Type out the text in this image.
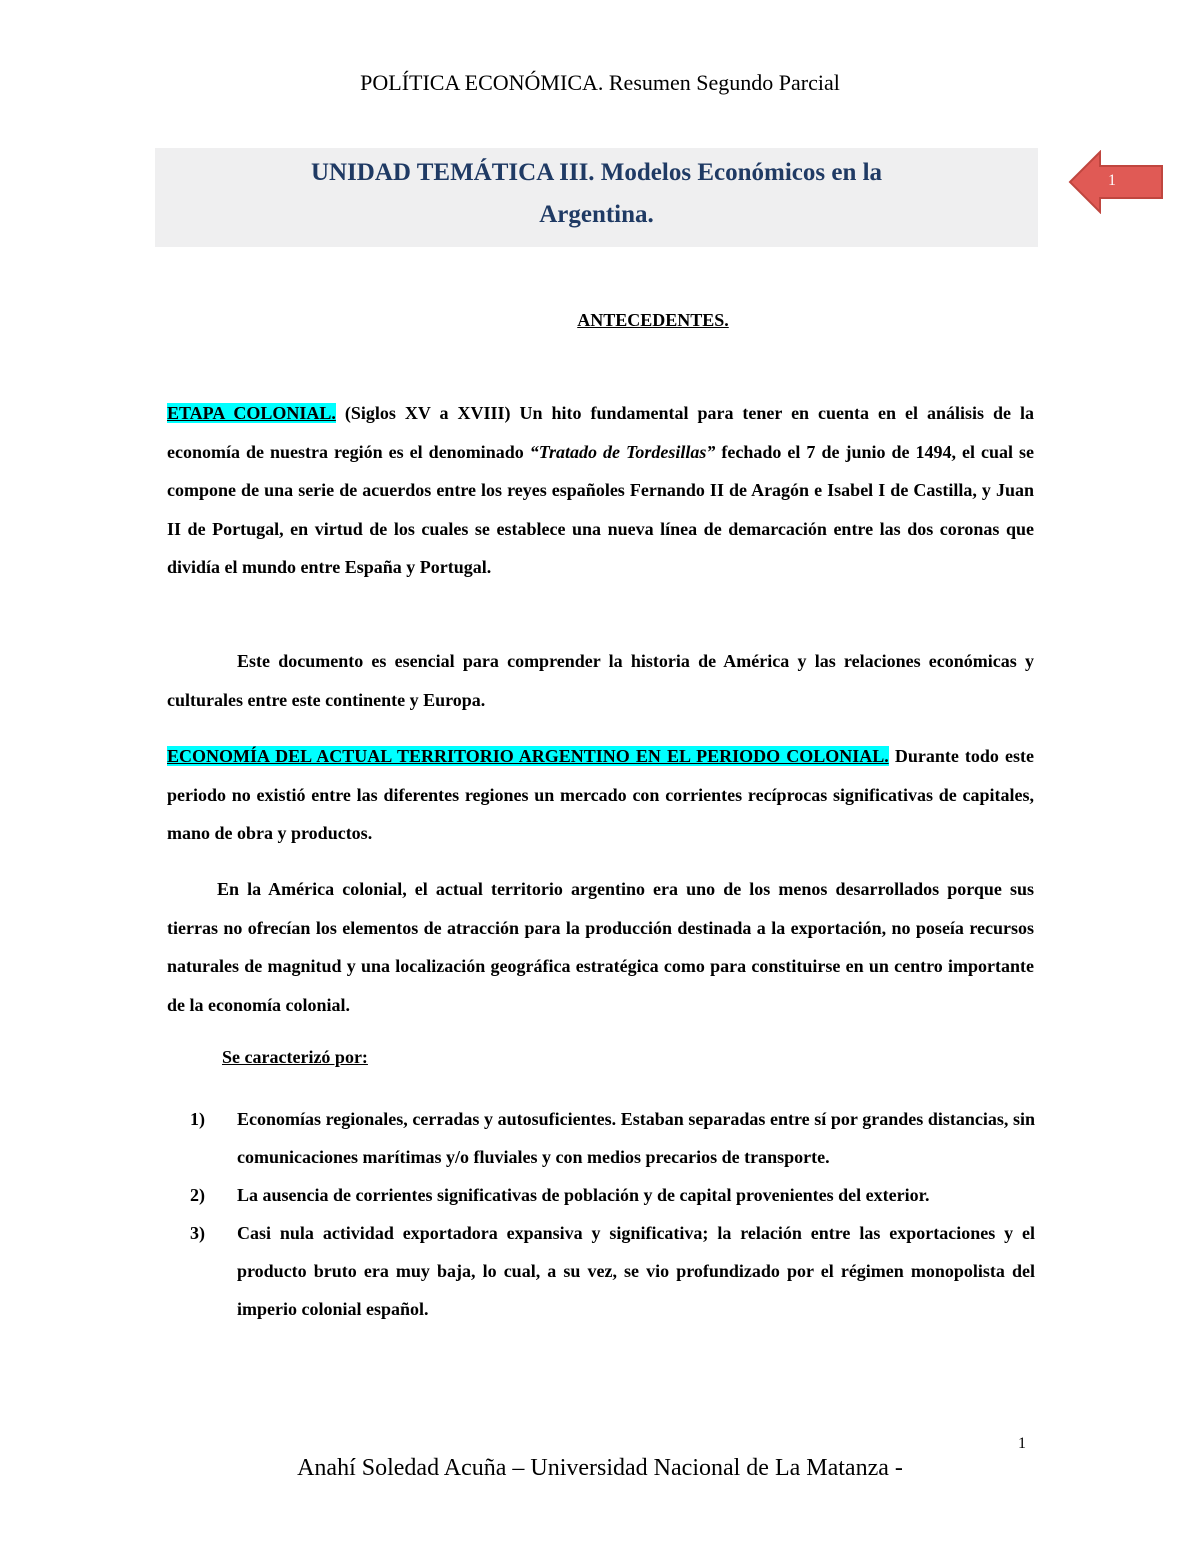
POLÍTICA ECONÓMICA. Resumen Segundo Parcial
UNIDAD TEMÁTICA III. Modelos Económicos en la
Argentina.
1
ANTECEDENTES.

ETAPA COLONIAL. (Siglos XV a XVIII) Un hito fundamental para tener en cuenta en el análisis de la economía de nuestra región es el denominado “Tratado de Tordesillas” fechado el 7 de junio de 1494, el cual se compone de una serie de acuerdos entre los reyes españoles Fernando II de Aragón e Isabel I de Castilla, y Juan II de Portugal, en virtud de los cuales se establece una nueva línea de demarcación entre las dos coronas que dividía el mundo entre España y Portugal.

Este documento es esencial para comprender la historia de América y las relaciones económicas y culturales entre este continente y Europa.

ECONOMÍA DEL ACTUAL TERRITORIO ARGENTINO EN EL PERIODO COLONIAL. Durante todo este periodo no existió entre las diferentes regiones un mercado con corrientes recíprocas significativas de capitales, mano de obra y productos.

En la América colonial, el actual territorio argentino era uno de los menos desarrollados porque sus tierras no ofrecían los elementos de atracción para la producción destinada a la exportación, no poseía recursos naturales de magnitud y una localización geográfica estratégica como para constituirse en un centro importante de la economía colonial.

Se caracterizó por:
1) Economías regionales, cerradas y autosuficientes. Estaban separadas entre sí por grandes distancias, sin comunicaciones marítimas y/o fluviales y con medios precarios de transporte.
2) La ausencia de corrientes significativas de población y de capital provenientes del exterior.
3) Casi nula actividad exportadora expansiva y significativa; la relación entre las exportaciones y el producto bruto era muy baja, lo cual, a su vez, se vio profundizado por el régimen monopolista del imperio colonial español.
1
Anahí Soledad Acuña – Universidad Nacional de La Matanza -
